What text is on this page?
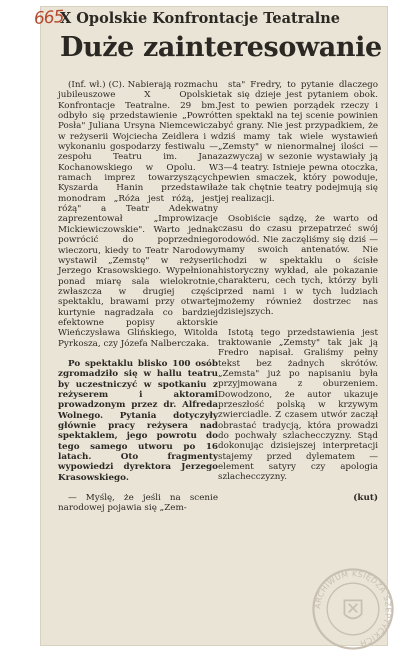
665
X Opolskie Konfrontacje Teatralne
Duże zainteresowanie

(Inf. wł.) (C). Nabierają rozmachu jubileuszowe X Opolskie Konfrontacje Teatralne. 29 bm. odbyło się przedstawienie „Powrót Posła" Juliana Ursyna Niemcewicza w reżyserii Wojciecha Zeidlera i w wykonaniu gospodarzy festiwalu — zespołu Teatru im. Jana Kochanowskiego w Opolu. W ramach imprez towarzyszących Kyszarda Hanin przedstawiła monodram „Róża jest różą, jest różą" a Teatr Adekwatny zaprezentował „Improwizacje Mickiewiczowskie". Warto jednak powrócić do poprzedniego wieczoru, kiedy to Teatr Narodowy wystawił „Zemstę" w reżyserii Jerzego Krasowskiego. Wypełniona ponad miarę sala wielokrotnie, zwłaszcza w drugiej części spektaklu, brawami przy otwartej kurtynie nagradzała co bardziej efektowne popisy aktorskie Wieńczysława Glińskiego, Witolda Pyrkosza, czy Józefa Nalberczaka.

Po spektaklu blisko 100 osób zgromadziło się w hallu teatru by uczestniczyć w spotkaniu z reżyserem i aktorami prowadzonym przez dr. Alfreda Wolnego. Pytania dotyczyły głównie pracy reżysera nad spektaklem, jego powrotu do tego samego utworu po 16 latach. Oto fragmenty wypowiedzi dyrektora Jerzego Krasowskiego.

— Myślę, że jeśli na scenie narodowej pojawia się „Zem-

sta" Fredry, to pytanie dlaczego tak się dzieje jest pytaniem obok. Jest to pewien porządek rzeczy i ten spektakl na tej scenie powinien być grany. Nie jest przypadkiem, że dziś mamy tak wiele wystawień „Zemsty" w nienormalnej ilości — zazwyczaj w sezonie wystawiały ją 3—4 teatry. Istnieje pewna otoczka, pewien smaczek, który powoduje, że tak chętnie teatry podejmują się jej realizacji.

Osobiście sądzę, że warto od czasu do czasu przepatrzeć swój rodowód. Nie zaczęliśmy się dziś — mamy swoich antenatów. Nie chodzi w spektaklu o ścisłe historyczny wykład, ale pokazanie charakteru, cech tych, którzy byli przed nami i w tych ludziach możemy również dostrzec nas dzisiejszych.

Istotą tego przedstawienia jest traktowanie „Zemsty" tak jak ją Fredro napisał. Graliśmy pełny tekst bez żadnych skrótów. „Zemsta" już po napisaniu była przyjmowana z oburzeniem. Dowodzono, że autor ukazuje przeszłość polską w krzywym zwierciadle. Z czasem utwór zaczął obrastać tradycją, która prowadzi do pochwały szlachecczyzny. Stąd dokonując dzisiejszej interpretacji stajemy przed dylematem — element satyry czy apologia szlachecczyzny.

(kut)
ARCHIWUM KSIĘDZA SZEPTYCKICH
